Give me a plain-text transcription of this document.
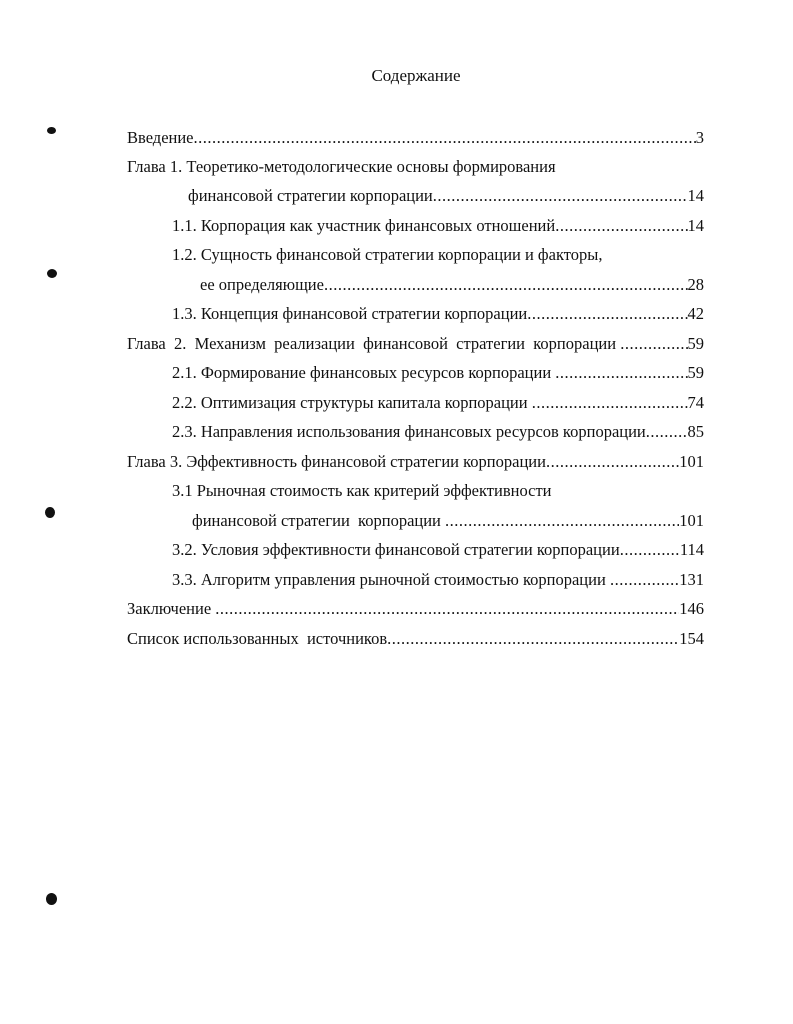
Содержание
Введение .....	3
Глава 1. Теоретико-методологические основы формирования
финансовой стратегии корпорации .....	14
1.1. Корпорация как участник финансовых отношений .....	14
1.2. Сущность финансовой стратегии корпорации и факторы,
ее определяющие .....	28
1.3. Концепция финансовой стратегии корпорации .....	42
Глава  2.  Механизм  реализации  финансовой  стратегии  корпорации .....	59
2.1. Формирование финансовых ресурсов корпорации .....	59
2.2. Оптимизация структуры капитала корпорации .....	74
2.3. Направления использования финансовых ресурсов корпорации .....	85
Глава 3. Эффективность финансовой стратегии корпорации .....	101
3.1 Рыночная стоимость как критерий эффективности
финансовой стратегии  корпорации .....	101
3.2. Условия эффективности финансовой стратегии корпорации .....	114
3.3. Алгоритм управления рыночной стоимостью корпорации .....	131
Заключение .....	146
Список использованных  источников .....	154
